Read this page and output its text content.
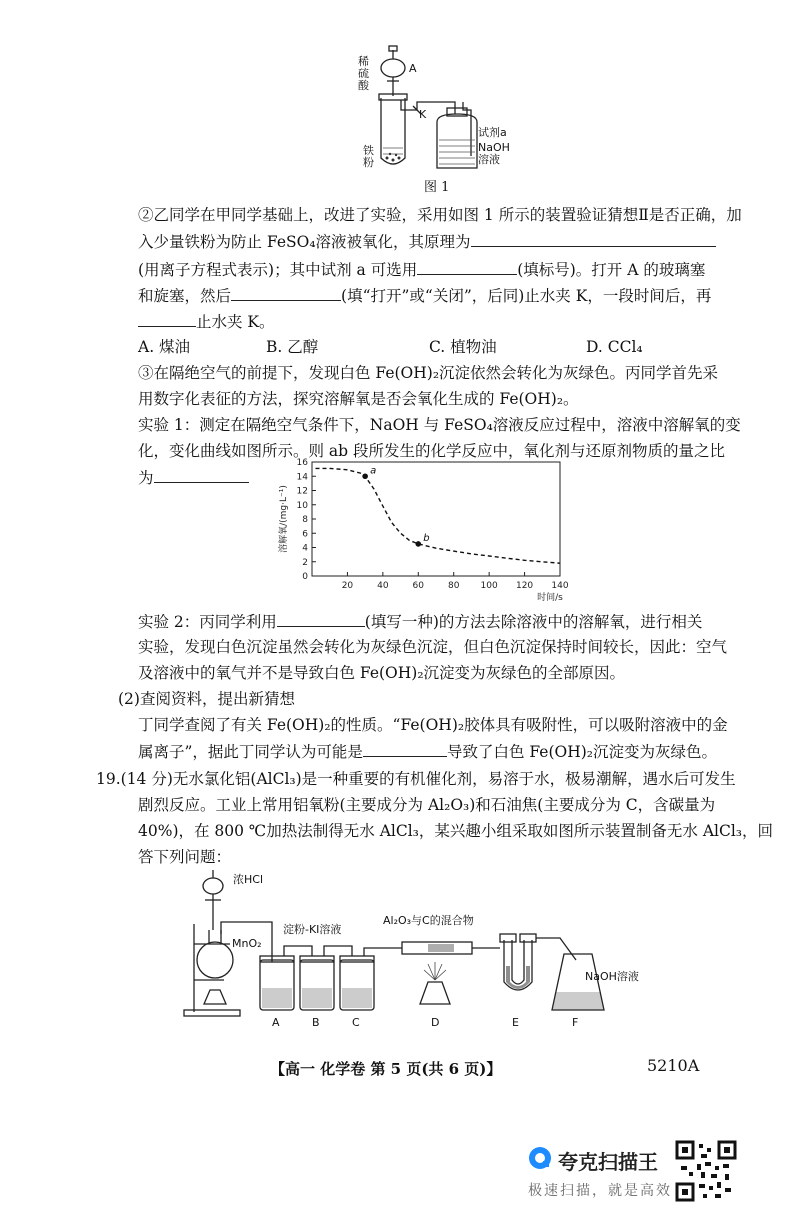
稀硫酸
A
K
铁粉
试剂a
NaOH溶液
图 1
②乙同学在甲同学基础上，改进了实验，采用如图 1 所示的装置验证猜想Ⅱ是否正确，加
入少量铁粉为防止 FeSO₄溶液被氧化，其原理为
(用离子方程式表示)；其中试剂 a 可选用	(填标号)。打开 A 的玻璃塞
和旋塞，然后	(填“打开”或“关闭”，后同)止水夹 K，一段时间后，再
止水夹 K。
A. 煤油	B. 乙醇	C. 植物油	D. CCl₄
③在隔绝空气的前提下，发现白色 Fe(OH)₂沉淀依然会转化为灰绿色。丙同学首先采
用数字化表征的方法，探究溶解氧是否会氧化生成的 Fe(OH)₂。
实验 1：测定在隔绝空气条件下，NaOH 与 FeSO₄溶液反应过程中，溶液中溶解氧的变
化，变化曲线如图所示。则 ab 段所发生的化学反应中，氧化剂与还原剂物质的量之比
为
0
2
4
6
8
10
12
14
16
20	40	60	80 100 120 140
时间/s
溶解氧/(mg·L⁻¹)
a
b
实验 2：丙同学利用	(填写一种)的方法去除溶液中的溶解氧，进行相关
实验，发现白色沉淀虽然会转化为灰绿色沉淀，但白色沉淀保持时间较长，因此：空气
及溶液中的氧气并不是导致白色 Fe(OH)₂沉淀变为灰绿色的全部原因。
(2)查阅资料，提出新猜想
丁同学查阅了有关 Fe(OH)₂的性质。“Fe(OH)₂胶体具有吸附性，可以吸附溶液中的金
属离子”，据此丁同学认为可能是	导致了白色 Fe(OH)₂沉淀变为灰绿色。
19.(14 分)无水氯化铝(AlCl₃)是一种重要的有机催化剂，易溶于水，极易潮解，遇水后可发生
剧烈反应。工业上常用铝氧粉(主要成分为 Al₂O₃)和石油焦(主要成分为 C，含碳量为
40%)，在 800 ℃加热法制得无水 AlCl₃，某兴趣小组采取如图所示装置制备无水 AlCl₃，回
答下列问题：
浓HCl
MnO₂
淀粉-KI溶液
Al₂O₃与C的混合物
NaOH溶液
A	B	C	D	E	F
【高一 化学卷 第 5 页(共 6 页)】	5210A
夸克扫描王
极速扫描，就是高效
